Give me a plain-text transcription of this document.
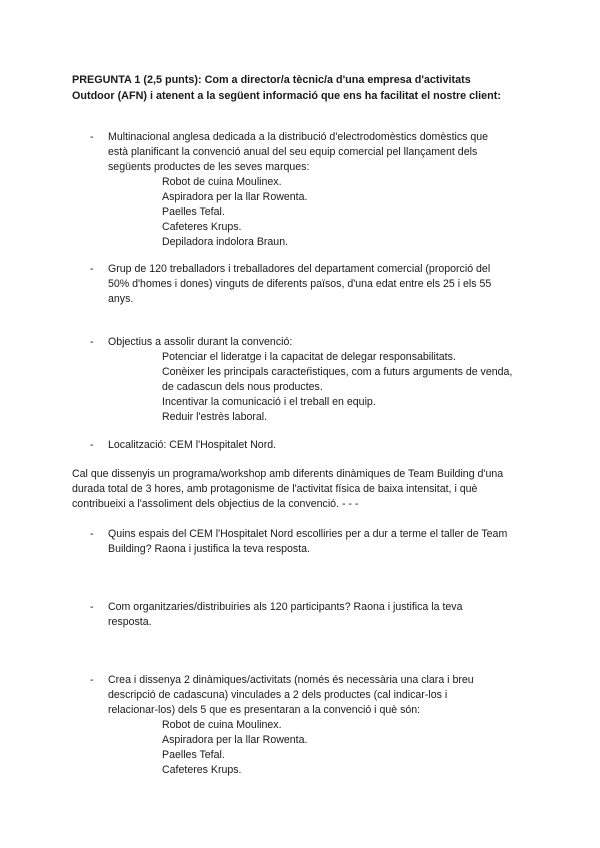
PREGUNTA 1 (2,5 punts): Com a director/a tècnic/a d'una empresa d'activitats
Outdoor (AFN) i atenent a la següent informació que ens ha facilitat el nostre client:
-	Multinacional anglesa dedicada a la distribució d'electrodomèstics domèstics que
està planificant la convenció anual del seu equip comercial pel llançament dels
següents productes de les seves marques:
Robot de cuina Moulinex.
Aspiradora per la llar Rowenta.
Paelles Tefal.
Cafeteres Krups.
Depiladora indolora Braun.
-	Grup de 120 treballadors i treballadores del departament comercial (proporció del
50% d'homes i dones) vinguts de diferents països, d'una edat entre els 25 i els 55
anys.
-	Objectius a assolir durant la convenció:
Potenciar el lideratge i la capacitat de delegar responsabilitats.
Conèixer les principals caracteŕistiques, com a futurs arguments de venda,
de cadascun dels nous productes.
Incentivar la comunicació i el treball en equip.
Reduir l'estrès laboral.
-	Localització: CEM l'Hospitalet Nord.
Cal que dissenyis un programa/workshop amb diferents dinàmiques de Team Building d'una
durada total de 3 hores, amb protagonisme de l'activitat física de baixa intensitat, i què
contribueixi a l'assoliment dels objectius de la convenció. - - -
-	Quins espais del CEM l'Hospitalet Nord escolliries per a dur a terme el taller de Team
Building? Raona i justifica la teva resposta.
-	Com organitzaries/distribuiries als 120 participants? Raona i justifica la teva
resposta.
-	Crea i dissenya 2 dinàmiques/activitats (només és necessària una clara i breu
descripció de cadascuna) vinculades a 2 dels productes (cal indicar-los i
relacionar-los) dels 5 que es presentaran a la convenció i què són:
Robot de cuina Moulinex.
Aspiradora per la llar Rowenta.
Paelles Tefal.
Cafeteres Krups.
